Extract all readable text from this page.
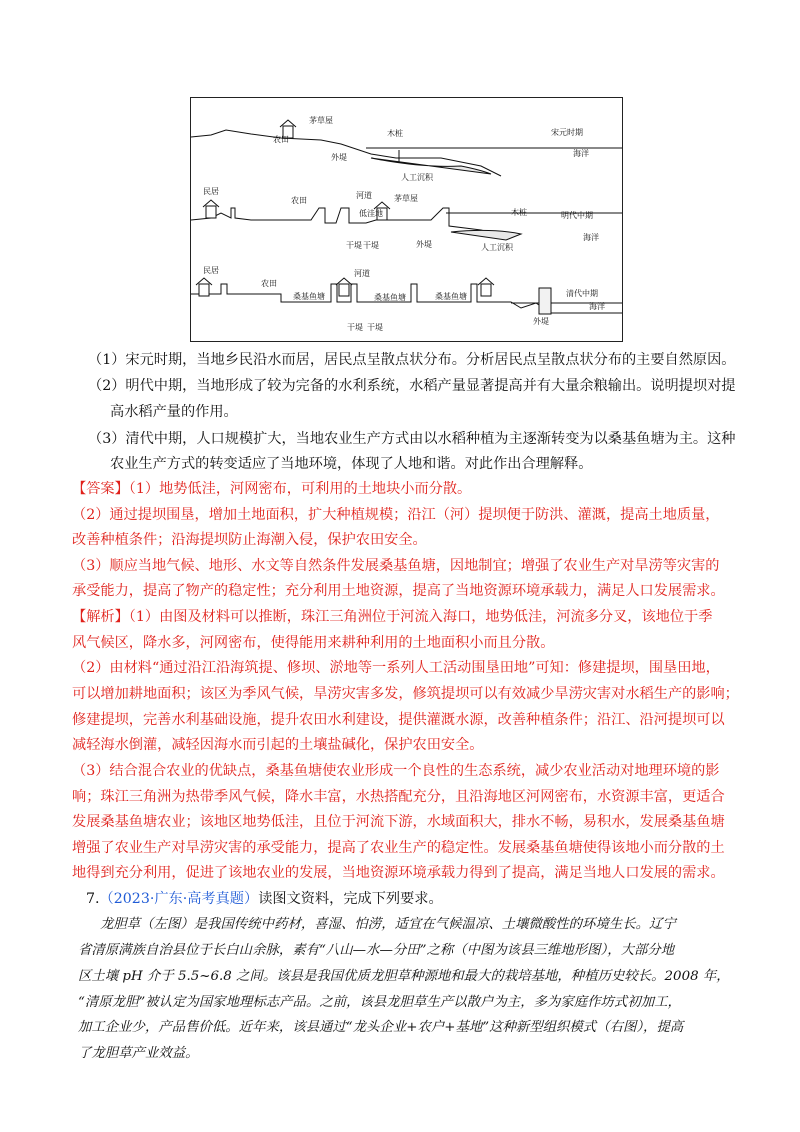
宋元时期
海洋
茅草屋
农田
木桩
外堤
人工沉积
明代中期
海洋
民居
农田
河道
低洼地
茅草屋
木桩
人工沉积
干堤 干堤	外堤
清代中期
海洋
民居
农田
桑基鱼塘
河道
桑基鱼塘	桑基鱼塘
外堤
干堤 干堤
（1）宋元时期，当地乡民沿水而居，居民点呈散点状分布。分析居民点呈散点状分布的主要自然原因。
（2）明代中期，当地形成了较为完备的水利系统，水稻产量显著提高并有大量余粮输出。说明提坝对提
高水稻产量的作用。
（3）清代中期，人口规模扩大，当地农业生产方式由以水稻种植为主逐渐转变为以桑基鱼塘为主。这种
农业生产方式的转变适应了当地环境，体现了人地和谐。对此作出合理解释。
【答案】（1）地势低洼，河网密布，可利用的土地块小而分散。
（2）通过提坝围垦，增加土地面积，扩大种植规模；沿江（河）提坝便于防洪、灌溉，提高土地质量，
改善种植条件；沿海提坝防止海潮入侵，保护农田安全。
（3）顺应当地气候、地形、水文等自然条件发展桑基鱼塘，因地制宜；增强了农业生产对旱涝等灾害的
承受能力，提高了物产的稳定性；充分利用土地资源，提高了当地资源环境承载力，满足人口发展需求。
【解析】（1）由图及材料可以推断，珠江三角洲位于河流入海口，地势低洼，河流多分叉，该地位于季
风气候区，降水多，河网密布，使得能用来耕种利用的土地面积小而且分散。
（2）由材料“通过沿江沿海筑提、修坝、淤地等一系列人工活动围垦田地”可知：修建提坝，围垦田地，
可以增加耕地面积；该区为季风气候，旱涝灾害多发，修筑提坝可以有效减少旱涝灾害对水稻生产的影响；
修建提坝，完善水利基础设施，提升农田水利建设，提供灌溉水源，改善种植条件；沿江、沿河提坝可以
减轻海水倒灌，减轻因海水而引起的土壤盐碱化，保护农田安全。
（3）结合混合农业的优缺点，桑基鱼塘使农业形成一个良性的生态系统，减少农业活动对地理环境的影
响；珠江三角洲为热带季风气候，降水丰富，水热搭配充分，且沿海地区河网密布，水资源丰富，更适合
发展桑基鱼塘农业；该地区地势低洼，且位于河流下游，水域面积大，排水不畅，易积水，发展桑基鱼塘
增强了农业生产对旱涝灾害的承受能力，提高了农业生产的稳定性。发展桑基鱼塘使得该地小而分散的土
地得到充分利用，促进了该地农业的发展，当地资源环境承载力得到了提高，满足当地人口发展的需求。
7.（2023·广东·高考真题）读图文资料，完成下列要求。
龙胆草（左图）是我国传统中药材，喜湿、怕涝，适宜在气候温凉、土壤微酸性的环境生长。辽宁
省清原满族自治县位于长白山余脉，素有“八山—水—分田”之称（中图为该县三维地形图），大部分地
区土壤 pH 介于 5.5~6.8 之间。该县是我国优质龙胆草种源地和最大的栽培基地，种植历史较长。2008 年，
“清原龙胆”被认定为国家地理标志产品。之前，该县龙胆草生产以散户为主，多为家庭作坊式初加工，
加工企业少，产品售价低。近年来，该县通过“龙头企业+农户+基地”这种新型组织模式（右图），提高
了龙胆草产业效益。
